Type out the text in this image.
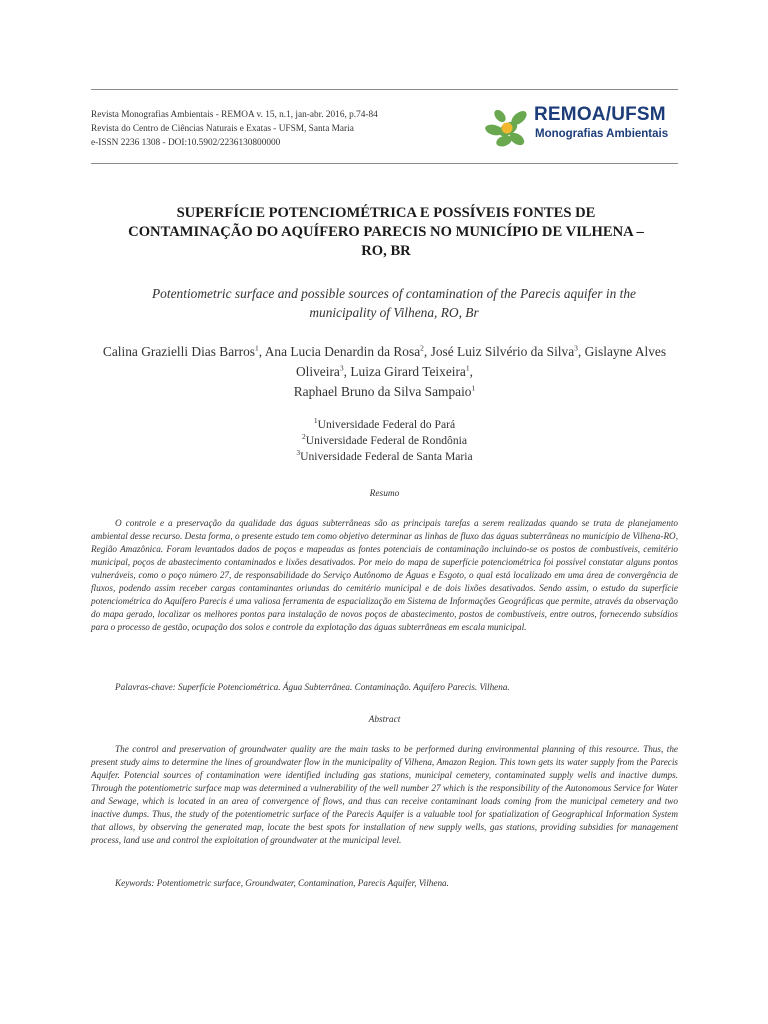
Revista Monografias Ambientais - REMOA v. 15, n.1, jan-abr. 2016, p.74-84
Revista do Centro de Ciências Naturais e Exatas - UFSM, Santa Maria
e-ISSN 2236 1308 - DOI:10.5902/2236130800000
REMOA/UFSM
Monografias Ambientais
SUPERFÍCIE POTENCIOMÉTRICA E POSSÍVEIS FONTES DE
CONTAMINAÇÃO DO AQUÍFERO PARECIS NO MUNICÍPIO DE VILHENA –
RO, BR
Potentiometric surface and possible sources of contamination of the Parecis aquifer in the
municipality of Vilhena, RO, Br
Calina Grazielli Dias Barros$^1$, Ana Lucia Denardin da Rosa$^2$, José Luiz Silvério da Silva$^3$, Gislayne Alves Oliveira$^3$, Luiza Girard Teixeira$^1$,
Raphael Bruno da Silva Sampaio$^1$
$^1$Universidade Federal do Pará
$^2$Universidade Federal de Rondônia
$^3$Universidade Federal de Santa Maria
Resumo
O controle e a preservação da qualidade das águas subterrâneas são as principais tarefas a serem realizadas quando se trata de planejamento ambiental desse recurso. Desta forma, o presente estudo tem como objetivo determinar as linhas de fluxo das águas subterrâneas no município de Vilhena-RO, Região Amazônica. Foram levantados dados de poços e mapeadas as fontes potenciais de contaminação incluindo-se os postos de combustíveis, cemitério municipal, poços de abastecimento contaminados e lixões desativados. Por meio do mapa de superfície potenciométrica foi possível constatar alguns pontos vulneráveis, como o poço número 27, de responsabilidade do Serviço Autônomo de Águas e Esgoto, o qual está localizado em uma área de convergência de fluxos, podendo assim receber cargas contaminantes oriundas do cemitério municipal e de dois lixões desativados. Sendo assim, o estudo da superfície potenciométrica do Aquífero Parecis é uma valiosa ferramenta de espacialização em Sistema de Informações Geográficas que permite, através da observação do mapa gerado, localizar os melhores pontos para instalação de novos poços de abastecimento, postos de combustíveis, entre outros, fornecendo subsídios para o processo de gestão, ocupação dos solos e controle da explotação das águas subterrâneas em escala municipal.
Palavras-chave: Superfície Potenciométrica. Água Subterrânea. Contaminação. Aquífero Parecis. Vilhena.
Abstract
The control and preservation of groundwater quality are the main tasks to be performed during environmental planning of this resource. Thus, the present study aims to determine the lines of groundwater flow in the municipality of Vilhena, Amazon Region. This town gets its water supply from the Parecis Aquifer. Potencial sources of contamination were identified including gas stations, municipal cemetery, contaminated supply wells and inactive dumps. Through the potentiometric surface map was determined a vulnerability of the well number 27 which is the responsibility of the Autonomous Service for Water and Sewage, which is located in an area of convergence of flows, and thus can receive contaminant loads coming from the municipal cemetery and two inactive dumps. Thus, the study of the potentiometric surface of the Parecis Aquifer is a valuable tool for spatialization of Geographical Information System that allows, by observing the generated map, locate the best spots for installation of new supply wells, gas stations, providing subsidies for management process, land use and control the exploitation of groundwater at the municipal level.
Keywords: Potentiometric surface, Groundwater, Contamination, Parecis Aquifer, Vilhena.
